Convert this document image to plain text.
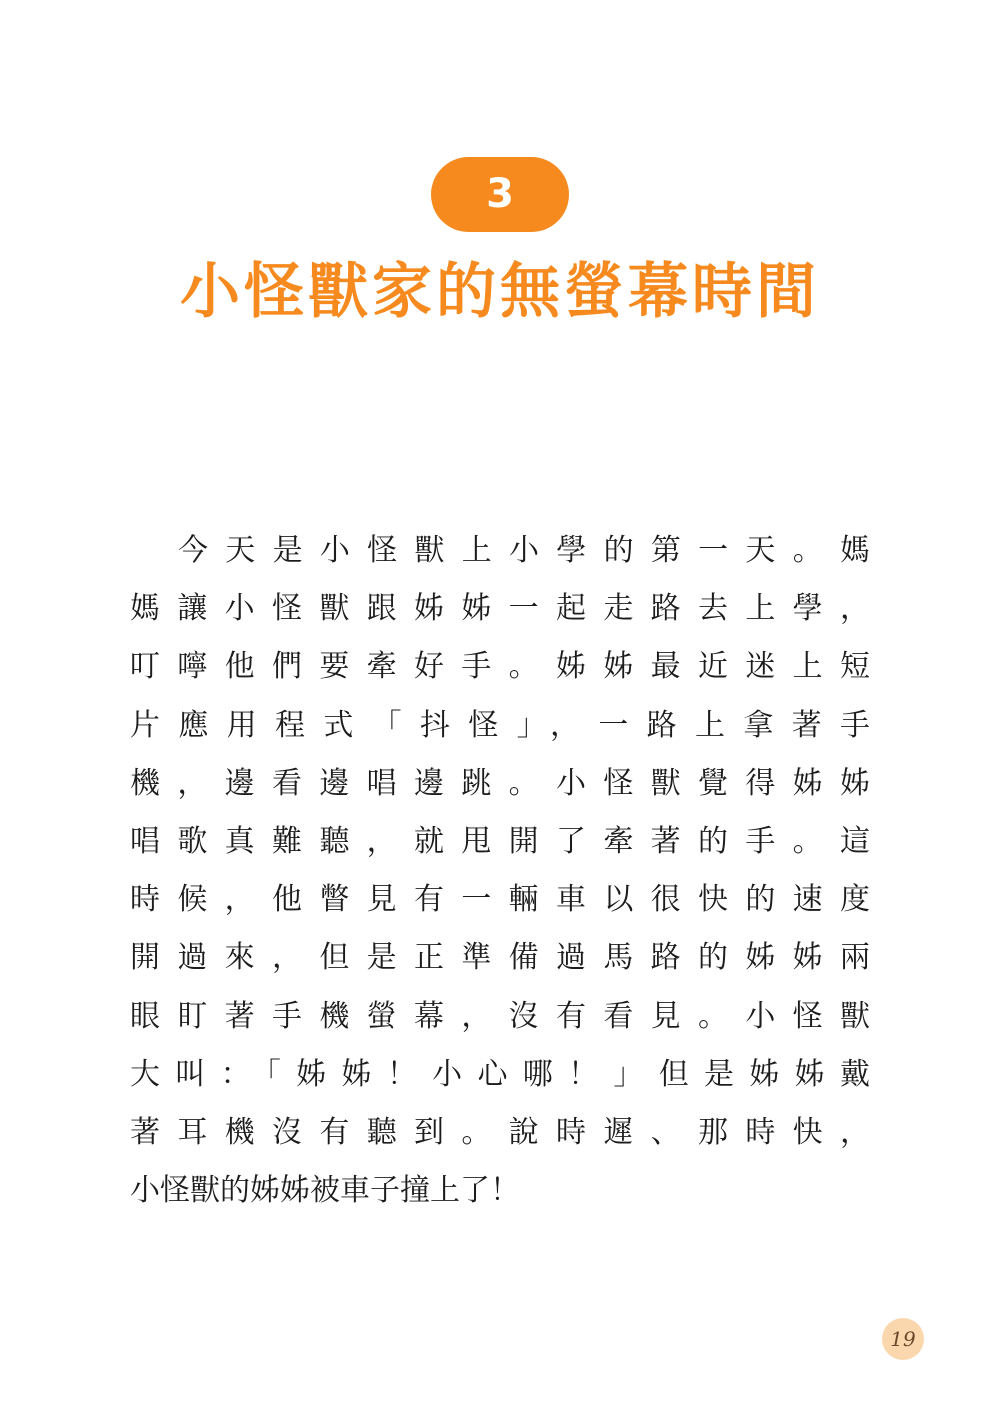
3
小怪獸家的無螢幕時間
今天是小怪獸上小學的第一天。媽
媽讓小怪獸跟姊姊一起走路去上學，
叮嚀他們要牽好手。姊姊最近迷上短
片應用程式「抖怪」，一路上拿著手
機，邊看邊唱邊跳。小怪獸覺得姊姊
唱歌真難聽，就甩開了牽著的手。這
時候，他瞥見有一輛車以很快的速度
開過來，但是正準備過馬路的姊姊兩
眼盯著手機螢幕，沒有看見。小怪獸
大叫：「姊姊！小心哪！」但是姊姊戴
著耳機沒有聽到。說時遲、那時快，
小怪獸的姊姊被車子撞上了！
19
